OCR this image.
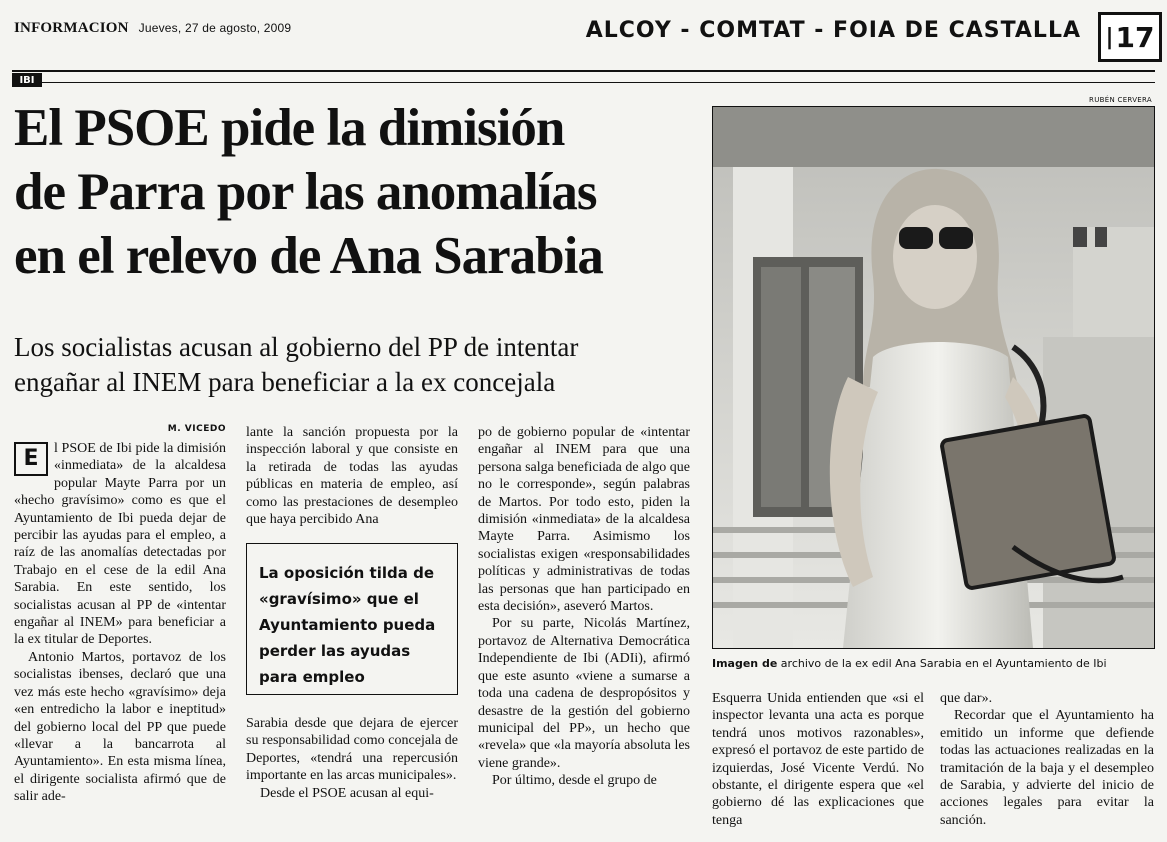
INFORMACION Jueves, 27 de agosto, 2009	ALCOY - COMTAT - FOIA DE CASTALLA | 17
IBI
El PSOE pide la dimisión
de Parra por las anomalías
en el relevo de Ana Sarabia
Los socialistas acusan al gobierno del PP de intentar
engañar al INEM para beneficiar a la ex concejala
M. VICEDO
E	l PSOE de Ibi pide la dimisión «inmediata» de la alcaldesa popular Mayte Parra por un «hecho gravísimo» como es que el Ayuntamiento de Ibi pueda dejar de percibir las ayudas para el empleo, a raíz de las anomalías detectadas por Trabajo en el cese de la edil Ana Sarabia. En este sentido, los socialistas acusan al PP de «intentar engañar al INEM» para beneficiar a la ex titular de Deportes.

Antonio Martos, portavoz de los socialistas ibenses, declaró que una vez más este hecho «gravísimo» deja «en entredicho la labor e ineptitud» del gobierno local del PP que puede «llevar a la bancarrota al Ayuntamiento». En esta misma línea, el dirigente socialista afirmó que de salir ade-

lante la sanción propuesta por la inspección laboral y que consiste en la retirada de todas las ayudas públicas en materia de empleo, así como las prestaciones de desempleo que haya percibido Ana

La oposición tilda de «gravísimo» que el Ayuntamiento pueda perder las ayudas para empleo

Sarabia desde que dejara de ejercer su responsabilidad como concejala de Deportes, «tendrá una repercusión importante en las arcas municipales».

Desde el PSOE acusan al equi-

po de gobierno popular de «intentar engañar al INEM para que una persona salga beneficiada de algo que no le corresponde», según palabras de Martos. Por todo esto, piden la dimisión «inmediata» de la alcaldesa Mayte Parra. Asimismo los socialistas exigen «responsabilidades políticas y administrativas de todas las personas que han participado en esta decisión», aseveró Martos.

Por su parte, Nicolás Martínez, portavoz de Alternativa Democrática Independiente de Ibi (ADIi), afirmó que este asunto «viene a sumarse a toda una cadena de despropósitos y desastre de la gestión del gobierno municipal del PP», un hecho que «revela» que «la mayoría absoluta les viene grande».

Por último, desde el grupo de

RUBÉN CERVERA
Imagen de archivo de la ex edil Ana Sarabia en el Ayuntamiento de Ibi

Esquerra Unida entienden que «si el inspector levanta una acta es porque tendrá unos motivos razonables», expresó el portavoz de este partido de izquierdas, José Vicente Verdú. No obstante, el dirigente espera que «el gobierno dé las explicaciones que tenga

que dar».

Recordar que el Ayuntamiento ha emitido un informe que defiende todas las actuaciones realizadas en la tramitación de la baja y el desempleo de Sarabia, y advierte del inicio de acciones legales para evitar la sanción.
